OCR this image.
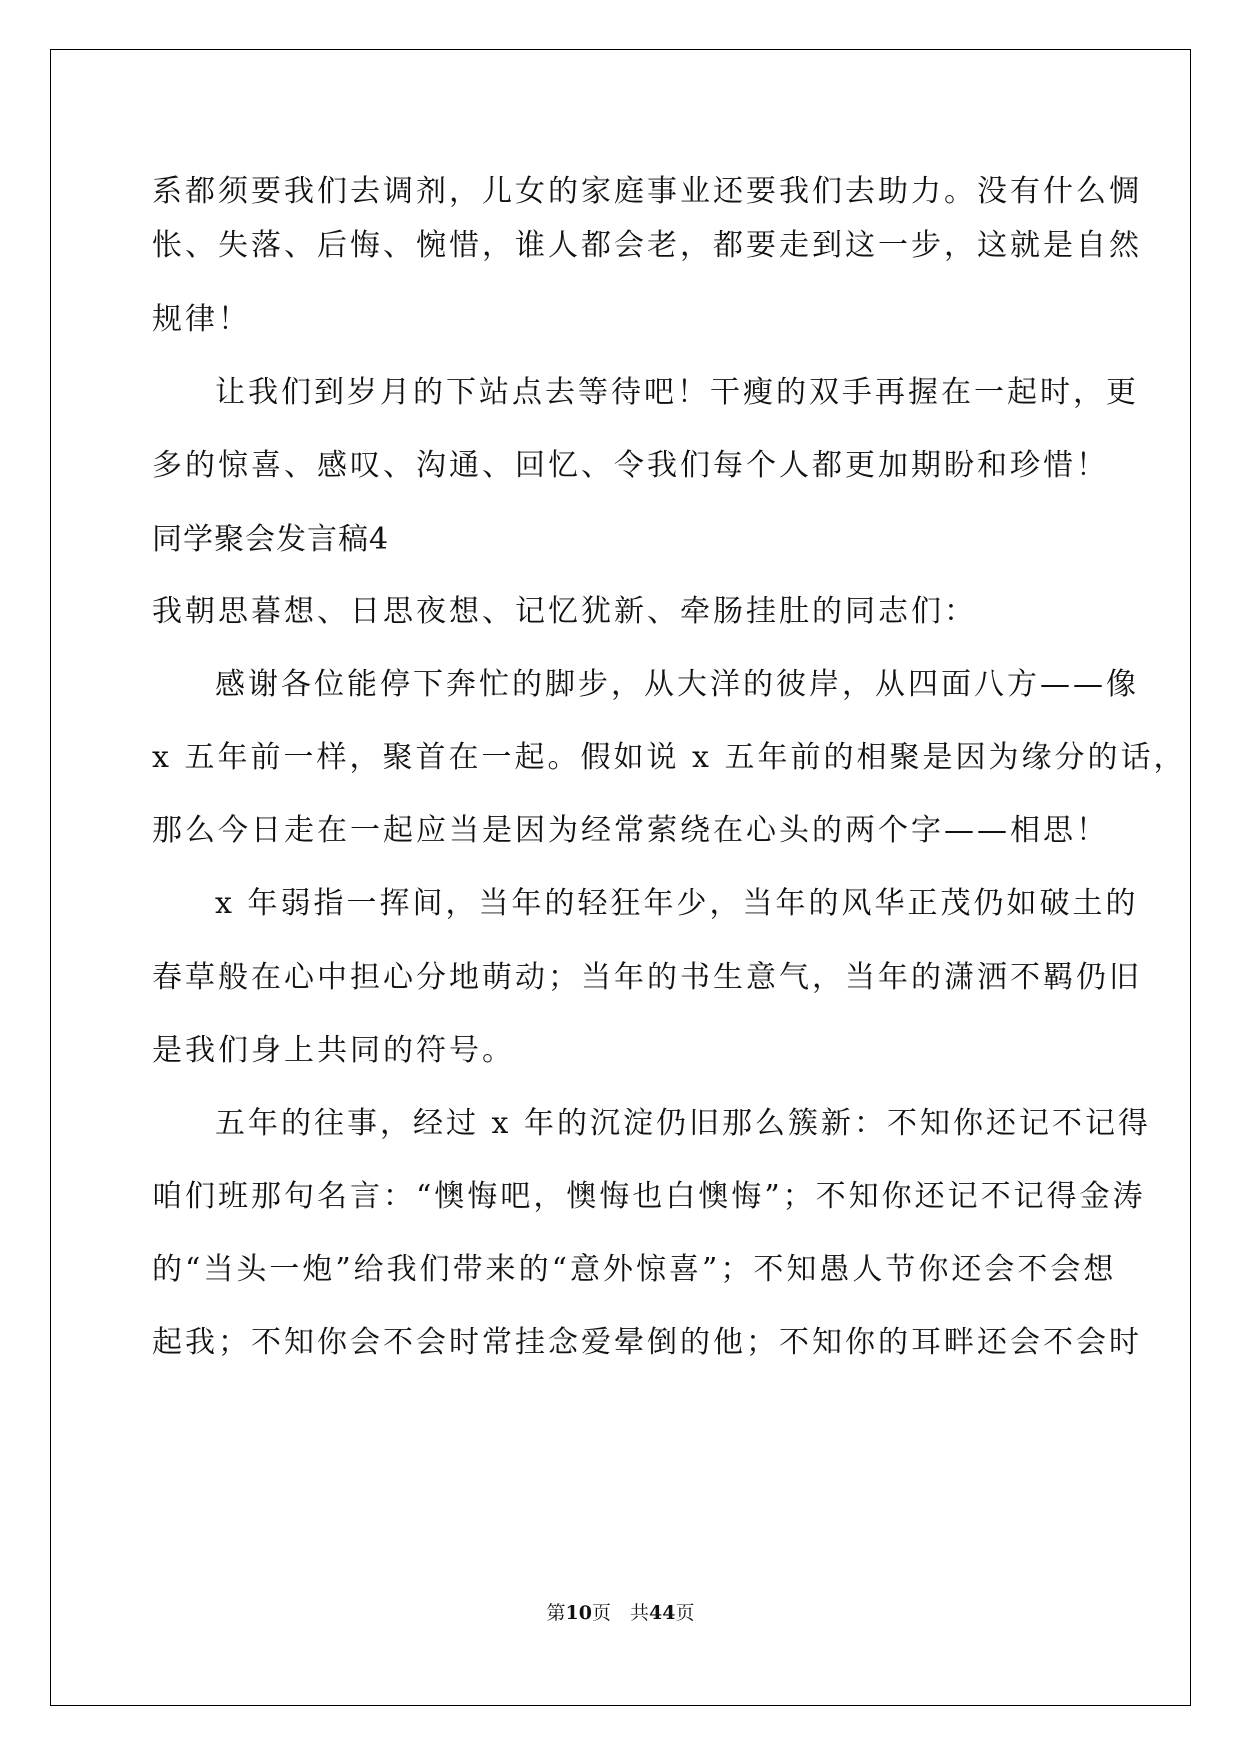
系都须要我们去调剂，儿女的家庭事业还要我们去助力。没有什么惆
怅、失落、后悔、惋惜，谁人都会老，都要走到这一步，这就是自然
规律！
让我们到岁月的下站点去等待吧！干瘦的双手再握在一起时，更
多的惊喜、感叹、沟通、回忆、令我们每个人都更加期盼和珍惜！
同学聚会发言稿4
我朝思暮想、日思夜想、记忆犹新、牵肠挂肚的同志们：
感谢各位能停下奔忙的脚步，从大洋的彼岸，从四面八方——像
x 五年前一样，聚首在一起。假如说 x 五年前的相聚是因为缘分的话，
那么今日走在一起应当是因为经常萦绕在心头的两个字——相思！
x 年弱指一挥间，当年的轻狂年少，当年的风华正茂仍如破土的
春草般在心中担心分地萌动；当年的书生意气，当年的潇洒不羁仍旧
是我们身上共同的符号。
五年的往事，经过 x 年的沉淀仍旧那么簇新：不知你还记不记得
咱们班那句名言：“懊悔吧，懊悔也白懊悔”；不知你还记不记得金涛
的“当头一炮”给我们带来的“意外惊喜”；不知愚人节你还会不会想
起我；不知你会不会时常挂念爱晕倒的他；不知你的耳畔还会不会时
第10页　共44页
